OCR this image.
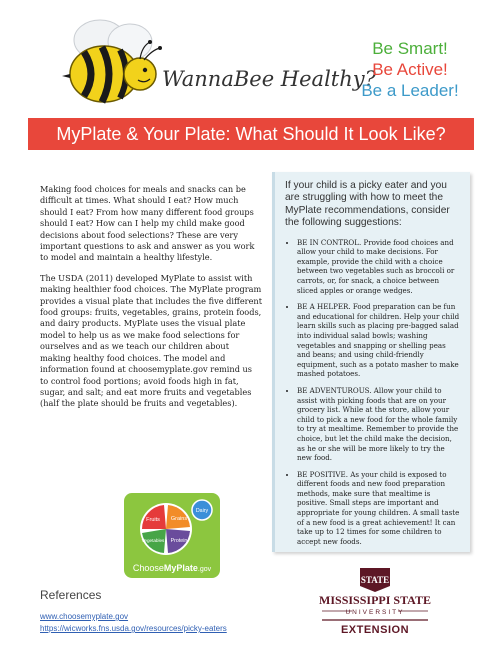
WannaBee Healthy?
Be Smart!
Be Active!
Be a Leader!
MyPlate & Your Plate: What Should It Look Like?

Making food choices for meals and snacks can be difficult at times. What should I eat? How much should I eat? From how many different food groups should I eat? How can I help my child make good decisions about food selections? These are very important questions to ask and answer as you work to model and maintain a healthy lifestyle.

The USDA (2011) developed MyPlate to assist with making healthier food choices. The MyPlate program provides a visual plate that includes the five different food groups: fruits, vegetables, grains, protein foods, and dairy products. MyPlate uses the visual plate model to help us as we make food selections for ourselves and as we teach our children about making healthy food choices. The model and information found at choosemyplate.gov remind us to control food portions; avoid foods high in fat, sugar, and salt; and eat more fruits and vegetables (half the plate should be fruits and vegetables).

If your child is a picky eater and you are struggling with how to meet the MyPlate recommendations, consider the following suggestions:

• BE IN CONTROL. Provide food choices and allow your child to make decisions. For example, provide the child with a choice between two vegetables such as broccoli or carrots, or, for snack, a choice between sliced apples or orange wedges.
• BE A HELPER. Food preparation can be fun and educational for children. Help your child learn skills such as placing pre-bagged salad into individual salad bowls; washing vegetables and snapping or shelling peas and beans; and using child-friendly equipment, such as a potato masher to make mashed potatoes.
• BE ADVENTUROUS. Allow your child to assist with picking foods that are on your grocery list. While at the store, allow your child to pick a new food for the whole family to try at mealtime. Remember to provide the choice, but let the child make the decision, as he or she will be more likely to try the new food.
• BE POSITIVE. As your child is exposed to different foods and new food preparation methods, make sure that mealtime is positive. Small steps are important and appropriate for young children. A small taste of a new food is a great achievement! It can take up to 12 times for some children to accept new foods.
Fruits Grains
Vegetables Protein
Dairy
ChooseMyPlate.gov
References
www.choosemyplate.gov
https://wicworks.fns.usda.gov/resources/picky-eaters
STATE
MISSISSIPPI STATE
UNIVERSITY
EXTENSION
